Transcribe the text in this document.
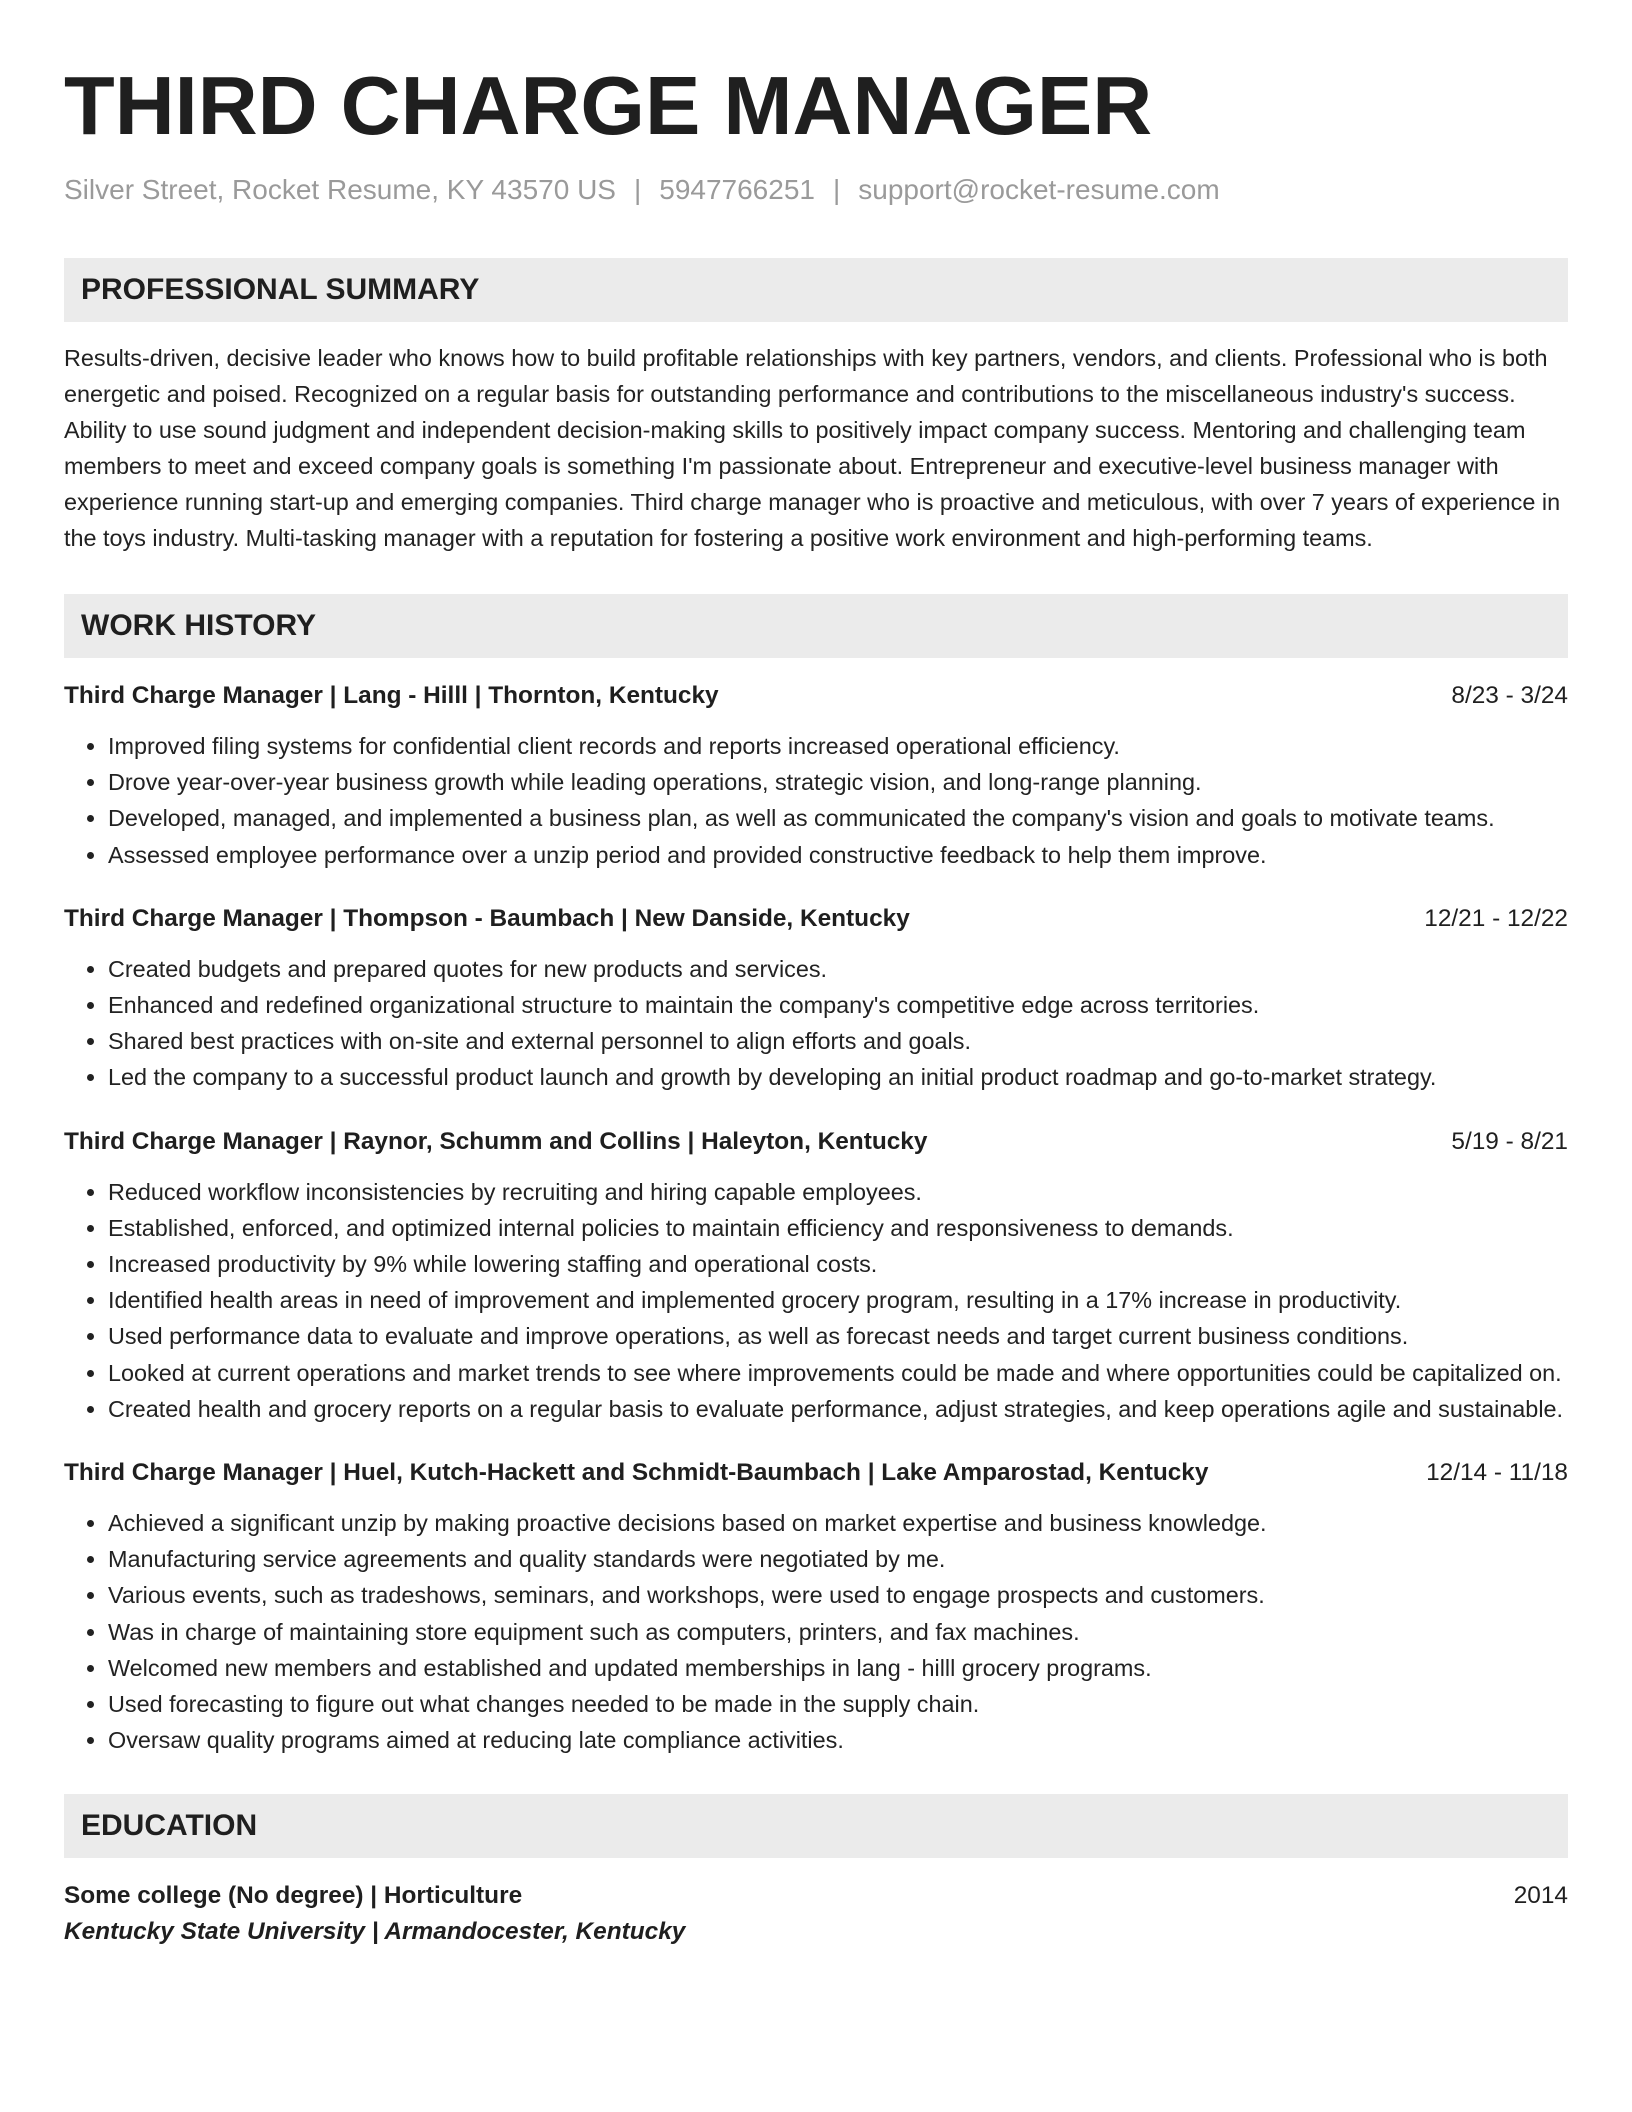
THIRD CHARGE MANAGER
Silver Street, Rocket Resume, KY 43570 US | 5947766251 | support@rocket-resume.com
PROFESSIONAL SUMMARY
Results-driven, decisive leader who knows how to build profitable relationships with key partners, vendors, and clients. Professional who is both energetic and poised. Recognized on a regular basis for outstanding performance and contributions to the miscellaneous industry's success. Ability to use sound judgment and independent decision-making skills to positively impact company success. Mentoring and challenging team members to meet and exceed company goals is something I'm passionate about. Entrepreneur and executive-level business manager with experience running start-up and emerging companies. Third charge manager who is proactive and meticulous, with over 7 years of experience in the toys industry. Multi-tasking manager with a reputation for fostering a positive work environment and high-performing teams.
WORK HISTORY
Third Charge Manager | Lang - Hilll | Thornton, Kentucky	8/23 - 3/24
• Improved filing systems for confidential client records and reports increased operational efficiency.
• Drove year-over-year business growth while leading operations, strategic vision, and long-range planning.
• Developed, managed, and implemented a business plan, as well as communicated the company's vision and goals to motivate teams.
• Assessed employee performance over a unzip period and provided constructive feedback to help them improve.
Third Charge Manager | Thompson - Baumbach | New Danside, Kentucky	12/21 - 12/22
• Created budgets and prepared quotes for new products and services.
• Enhanced and redefined organizational structure to maintain the company's competitive edge across territories.
• Shared best practices with on-site and external personnel to align efforts and goals.
• Led the company to a successful product launch and growth by developing an initial product roadmap and go-to-market strategy.
Third Charge Manager | Raynor, Schumm and Collins | Haleyton, Kentucky	5/19 - 8/21
• Reduced workflow inconsistencies by recruiting and hiring capable employees.
• Established, enforced, and optimized internal policies to maintain efficiency and responsiveness to demands.
• Increased productivity by 9% while lowering staffing and operational costs.
• Identified health areas in need of improvement and implemented grocery program, resulting in a 17% increase in productivity.
• Used performance data to evaluate and improve operations, as well as forecast needs and target current business conditions.
• Looked at current operations and market trends to see where improvements could be made and where opportunities could be capitalized on.
• Created health and grocery reports on a regular basis to evaluate performance, adjust strategies, and keep operations agile and sustainable.
Third Charge Manager | Huel, Kutch-Hackett and Schmidt-Baumbach | Lake Amparostad, Kentucky	12/14 - 11/18
• Achieved a significant unzip by making proactive decisions based on market expertise and business knowledge.
• Manufacturing service agreements and quality standards were negotiated by me.
• Various events, such as tradeshows, seminars, and workshops, were used to engage prospects and customers.
• Was in charge of maintaining store equipment such as computers, printers, and fax machines.
• Welcomed new members and established and updated memberships in lang - hilll grocery programs.
• Used forecasting to figure out what changes needed to be made in the supply chain.
• Oversaw quality programs aimed at reducing late compliance activities.
EDUCATION
Some college (No degree) | Horticulture	2014
Kentucky State University | Armandocester, Kentucky
